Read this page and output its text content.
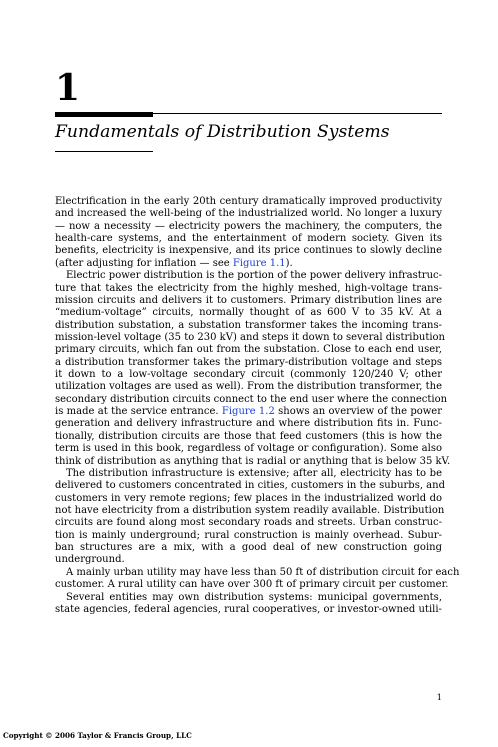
1
Fundamentals of Distribution Systems

Electrification in the early 20th century dramatically improved productivity
and increased the well-being of the industrialized world. No longer a luxury
— now a necessity — electricity powers the machinery, the computers, the
health-care systems, and the entertainment of modern society. Given its
benefits, electricity is inexpensive, and its price continues to slowly decline
(after adjusting for inflation — see Figure 1.1).

Electric power distribution is the portion of the power delivery infrastruc-
ture that takes the electricity from the highly meshed, high-voltage trans-
mission circuits and delivers it to customers. Primary distribution lines are
“medium-voltage” circuits, normally thought of as 600 V to 35 kV. At a
distribution substation, a substation transformer takes the incoming trans-
mission-level voltage (35 to 230 kV) and steps it down to several distribution
primary circuits, which fan out from the substation. Close to each end user,
a distribution transformer takes the primary-distribution voltage and steps
it down to a low-voltage secondary circuit (commonly 120/240 V; other
utilization voltages are used as well). From the distribution transformer, the
secondary distribution circuits connect to the end user where the connection
is made at the service entrance. Figure 1.2 shows an overview of the power
generation and delivery infrastructure and where distribution fits in. Func-
tionally, distribution circuits are those that feed customers (this is how the
term is used in this book, regardless of voltage or configuration). Some also
think of distribution as anything that is radial or anything that is below 35 kV.

The distribution infrastructure is extensive; after all, electricity has to be
delivered to customers concentrated in cities, customers in the suburbs, and
customers in very remote regions; few places in the industrialized world do
not have electricity from a distribution system readily available. Distribution
circuits are found along most secondary roads and streets. Urban construc-
tion is mainly underground; rural construction is mainly overhead. Subur-
ban structures are a mix, with a good deal of new construction going
underground.

A mainly urban utility may have less than 50 ft of distribution circuit for each
customer. A rural utility can have over 300 ft of primary circuit per customer.

Several entities may own distribution systems: municipal governments,
state agencies, federal agencies, rural cooperatives, or investor-owned utili-

1

Copyright © 2006 Taylor & Francis Group, LLC
